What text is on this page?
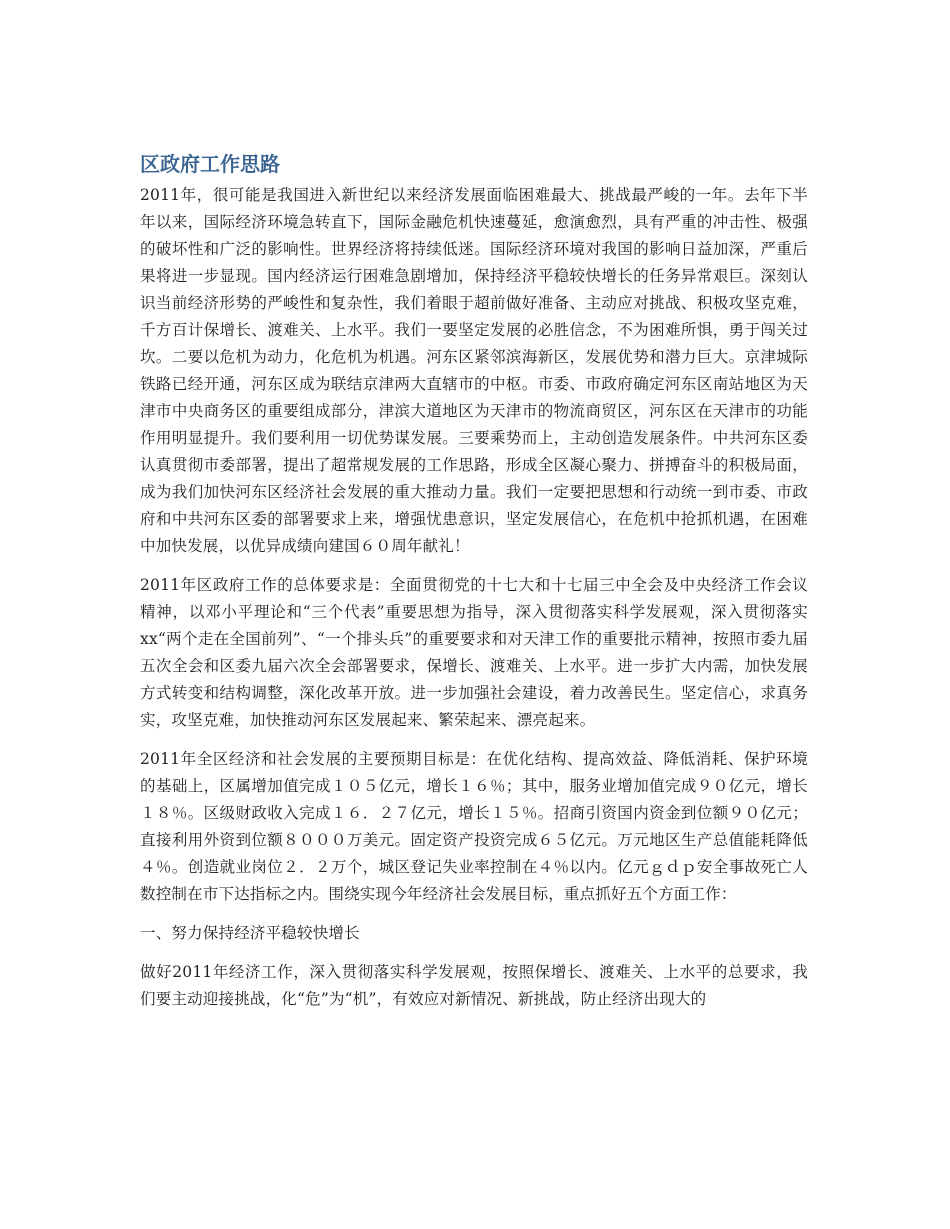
区政府工作思路

2011年，很可能是我国进入新世纪以来经济发展面临困难最大、挑战最严峻的一年。去年下半年以来，国际经济环境急转直下，国际金融危机快速蔓延，愈演愈烈，具有严重的冲击性、极强的破坏性和广泛的影响性。世界经济将持续低迷。国际经济环境对我国的影响日益加深，严重后果将进一步显现。国内经济运行困难急剧增加，保持经济平稳较快增长的任务异常艰巨。深刻认识当前经济形势的严峻性和复杂性，我们着眼于超前做好准备、主动应对挑战、积极攻坚克难，千方百计保增长、渡难关、上水平。我们一要坚定发展的必胜信念，不为困难所惧，勇于闯关过坎。二要以危机为动力，化危机为机遇。河东区紧邻滨海新区，发展优势和潜力巨大。京津城际铁路已经开通，河东区成为联结京津两大直辖市的中枢。市委、市政府确定河东区南站地区为天津市中央商务区的重要组成部分，津滨大道地区为天津市的物流商贸区，河东区在天津市的功能作用明显提升。我们要利用一切优势谋发展。三要乘势而上，主动创造发展条件。中共河东区委认真贯彻市委部署，提出了超常规发展的工作思路，形成全区凝心聚力、拼搏奋斗的积极局面，成为我们加快河东区经济社会发展的重大推动力量。我们一定要把思想和行动统一到市委、市政府和中共河东区委的部署要求上来，增强忧患意识，坚定发展信心，在危机中抢抓机遇，在困难中加快发展，以优异成绩向建国６０周年献礼！

2011年区政府工作的总体要求是：全面贯彻党的十七大和十七届三中全会及中央经济工作会议精神，以邓小平理论和“三个代表”重要思想为指导，深入贯彻落实科学发展观，深入贯彻落实xx“两个走在全国前列”、“一个排头兵”的重要要求和对天津工作的重要批示精神，按照市委九届五次全会和区委九届六次全会部署要求，保增长、渡难关、上水平。进一步扩大内需，加快发展方式转变和结构调整，深化改革开放。进一步加强社会建设，着力改善民生。坚定信心，求真务实，攻坚克难，加快推动河东区发展起来、繁荣起来、漂亮起来。

2011年全区经济和社会发展的主要预期目标是：在优化结构、提高效益、降低消耗、保护环境的基础上，区属增加值完成１０５亿元，增长１６％；其中，服务业增加值完成９０亿元，增长１８％。区级财政收入完成１６．２７亿元，增长１５％。招商引资国内资金到位额９０亿元；直接利用外资到位额８０００万美元。固定资产投资完成６５亿元。万元地区生产总值能耗降低４％。创造就业岗位２．２万个，城区登记失业率控制在４％以内。亿元ｇｄｐ安全事故死亡人数控制在市下达指标之内。围绕实现今年经济社会发展目标，重点抓好五个方面工作：

一、努力保持经济平稳较快增长

做好2011年经济工作，深入贯彻落实科学发展观，按照保增长、渡难关、上水平的总要求，我们要主动迎接挑战，化“危”为“机”，有效应对新情况、新挑战，防止经济出现大的
